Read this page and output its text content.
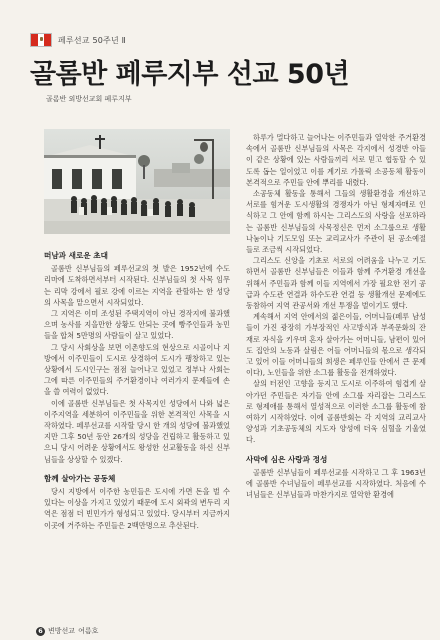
페루선교 50주년 Ⅱ
골롬반 페루지부 선교 50년
골롬반 외방선교회 페루지부
떠남과 새로운 초대

골롬반 신부님들의 페루선교의 첫 발은 1952년에 수도 리마에 도착하면서부터 시작된다. 신부님들의 첫 사목 임무는 리막 강에서 필로 강에 이르는 지역을 관할하는 한 성당의 사목을 맡으면서 시작되었다.

그 지역은 이미 조성된 주택지역이 아닌 경작지에 불과했으며 농사를 지을만한 상황도 안되는 곳에 빵주인들과 농민들을 합쳐 5만명의 사람들이 살고 있었다.

그 당시 사회상을 보면 이촌향도의 현상으로 시골이나 지방에서 이주민들이 도시로 상경하여 도시가 팽창하고 있는 상황에서 도시인구는 점점 늘어나고 있었고 정부나 사회는 그에 따른 이주민들의 주거환경이나 여러가지 문제들에 손을 쓸 여력이 없었다.

이에 골롬반 신부님들은 첫 사목지인 성당에서 나와 넓은 이주지역을 세분하여 이주민들을 위한 본격적인 사목을 시작하였다. 페루선교를 시작할 당시 한 개의 성당에 불과했었지만 그후 50년 동안 26개의 성당을 건립하고 활동하고 있으니 당시 어려운 상황에서도 왕성한 선교활동을 하신 신부님들을 상상할 수 있겠다.

함께 살아가는 공동체

당시 지방에서 이주한 농민들은 도시에 가면 돈을 벌 수 있다는 이상을 가지고 있었기 때문에 도시 외곽의 변두리 지역은 점점 더 빈민가가 형성되고 있었다. 당시부터 지금까지 이곳에 거주하는 주민들은 2백만명으로 추산된다.

하루가 멀다하고 늘어나는 이주민들과 열악한 주거환경 속에서 골롬반 신부님들의 사목은 각지에서 성경반 아들이 같은 상황에 있는 사람들끼리 서로 믿고 협동할 수 있도록 돕는 일이었고 이를 계기로 가톨릭 소공동체 활동이 본격적으로 주민들 안에 뿌리를 내렸다.

소공동체 활동을 통해서 그들의 생활환경을 개선하고 서로를 힘겨운 도시생활의 경쟁자가 아닌 형제자매로 인식하고 그 안에 함께 하시는 그리스도의 사랑을 선포하라는 골롬반 신부님들의 사목정신은 먼저 소그룹으로 생활나눔이나 기도모임 또는 교리교사가 주관이 된 공소예절들로 조금씩 시작되었다.

그리스도 신앙을 기초로 서로의 어려움을 나누고 기도하면서 골롬반 신부님들은 이들과 함께 주거환경 개선을 위해서 주민들과 함께 이들 지역에서 가장 필요한 전기 공급과 수도관 연결과 하수도관 연결 등 생활개선 문제에도 동참하여 지역 관공서와 개선 투쟁을 벌이기도 했다.

계속해서 지역 안에서의 젊은이들, 어머니들(페루 남성들이 가진 광장히 가부장적인 사고방식과 부족문화의 잔재로 자식을 키우며 혼자 살아가는 어머니들, 남편이 있어도 집안의 노동과 살림은 어들 어머니들의 몫으로 생각되고 있어 이들 어머니들의 희생은 페루인들 안에서 큰 문제이다), 노인들을 위한 소그룹 활동을 전개하였다.

살의 터전인 고향을 등지고 도시로 이주하여 힘겹게 살아가던 주민들은 자기들 안에 소그룹 자리잡는 그리스도로 형제애를 통해서 열성적으로 이러한 소그룹 활동에 참여하기 시작하였다. 이에 골롬반회는 각 지역의 교리교사 양성과 기초공동체의 지도자 양성에 더욱 심혈을 기울였다.

사막에 심은 사랑과 정성

골롬반 신부님들이 페루선교를 시작하고 그 후 1963년에 골롬반 수녀님들이 페루선교를 시작하였다. 처음에 수녀님들은 신부님들과 마찬가지로 열악한 환경에

6 변방선교 여름호
